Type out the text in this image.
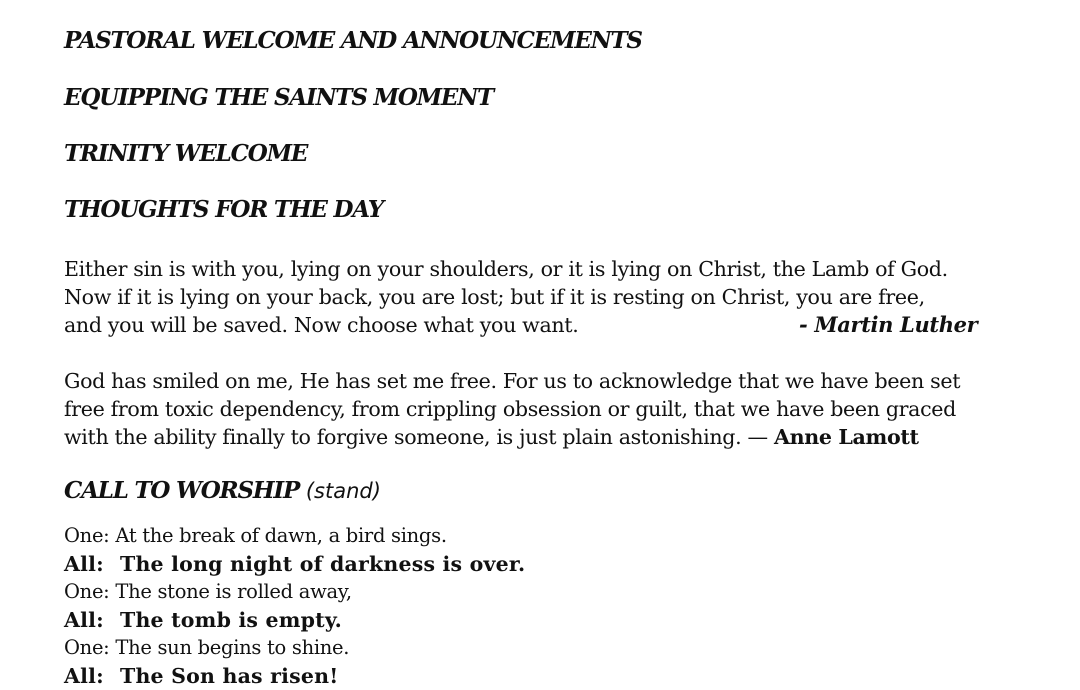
PASTORAL WELCOME AND ANNOUNCEMENTS
EQUIPPING THE SAINTS MOMENT
TRINITY WELCOME
THOUGHTS FOR THE DAY

Either sin is with you, lying on your shoulders, or it is lying on Christ, the Lamb of God.
Now if it is lying on your back, you are lost; but if it is resting on Christ, you are free,
and you will be saved. Now choose what you want.	- Martin Luther

God has smiled on me, He has set me free. For us to acknowledge that we have been set
free from toxic dependency, from crippling obsession or guilt, that we have been graced
with the ability finally to forgive someone, is just plain astonishing. — Anne Lamott

CALL TO WORSHIP (stand)
One: At the break of dawn, a bird sings.
All: The long night of darkness is over.
One: The stone is rolled away,
All: The tomb is empty.
One: The sun begins to shine.
All: The Son has risen!
